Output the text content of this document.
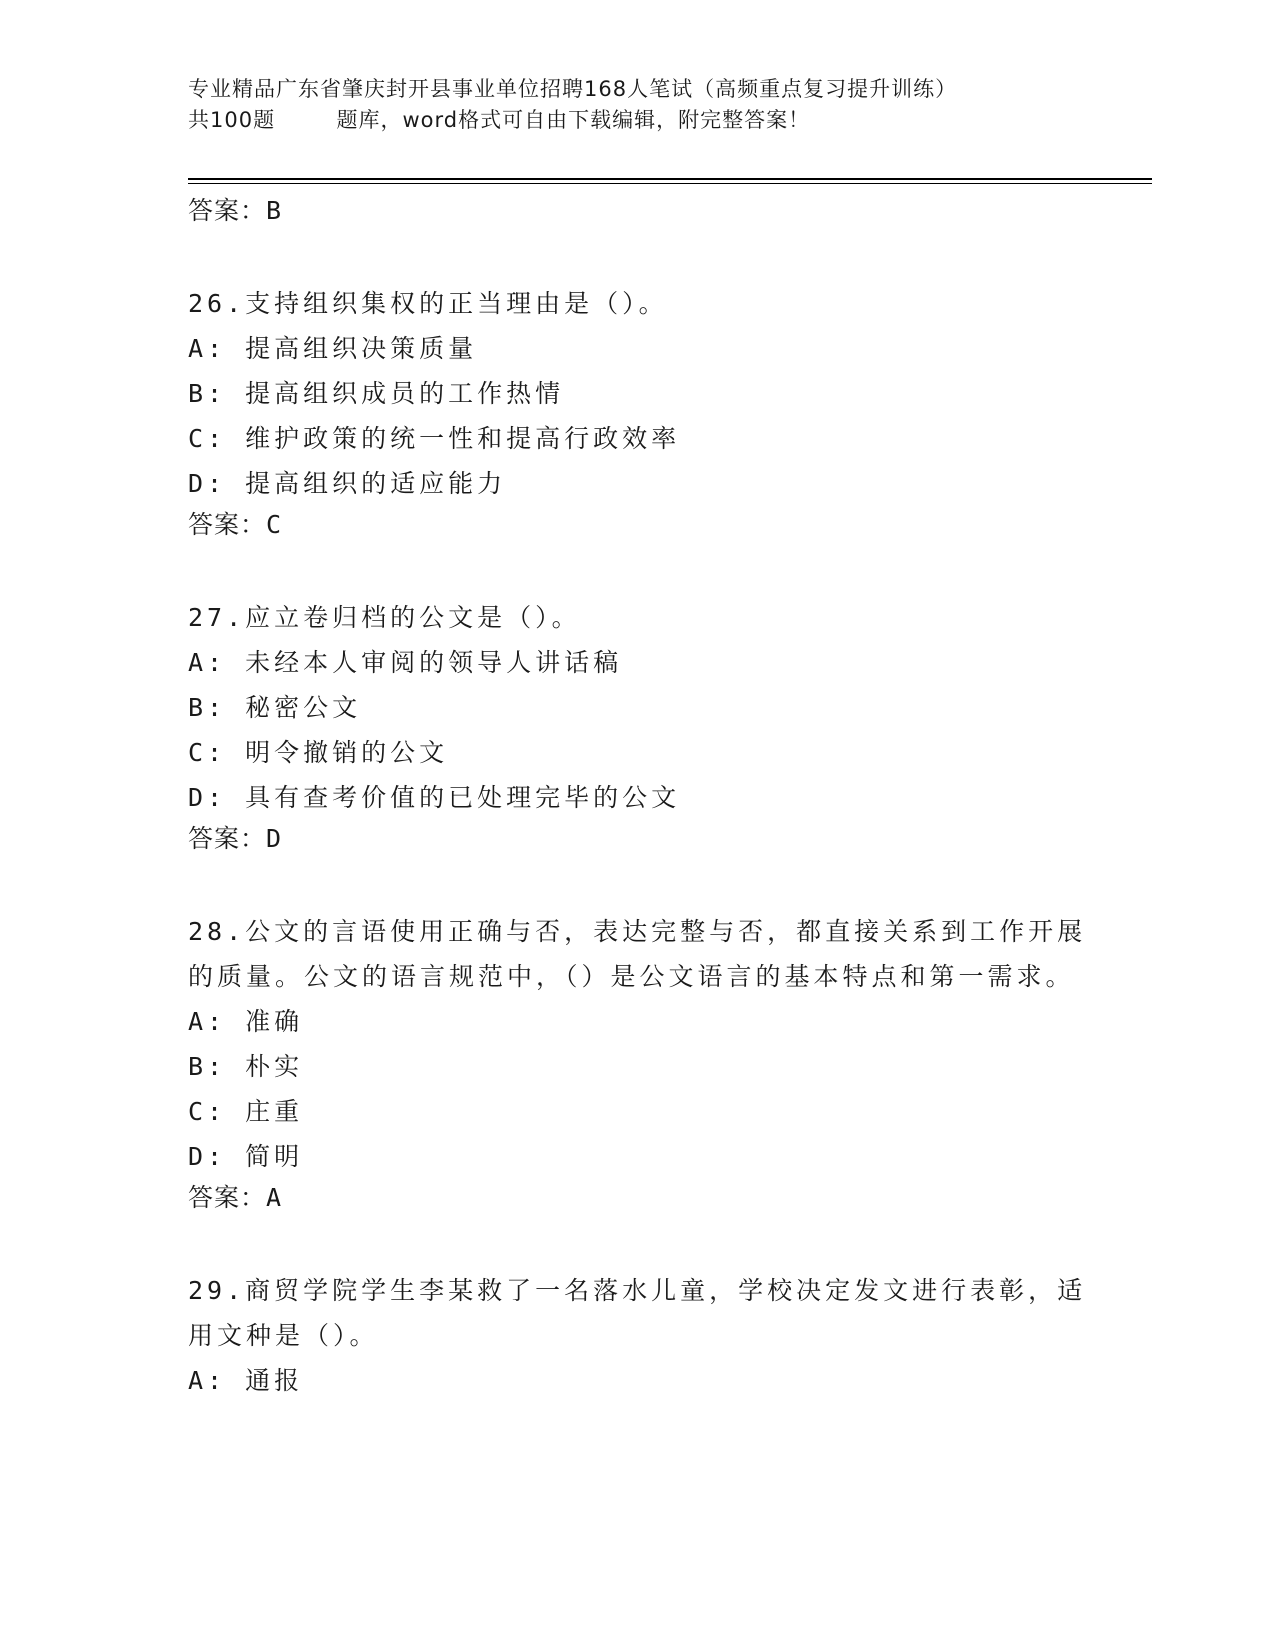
专业精品广东省肇庆封开县事业单位招聘168人笔试（高频重点复习提升训练）
共100题        题库，word格式可自由下载编辑，附完整答案！
答案：B
26.支持组织集权的正当理由是（）。
A: 提高组织决策质量
B: 提高组织成员的工作热情
C: 维护政策的统一性和提高行政效率
D: 提高组织的适应能力
答案：C
27.应立卷归档的公文是（）。
A: 未经本人审阅的领导人讲话稿
B: 秘密公文
C: 明令撤销的公文
D: 具有查考价值的已处理完毕的公文
答案：D
28.公文的言语使用正确与否，表达完整与否，都直接关系到工作开展的质量。公文的语言规范中，（）是公文语言的基本特点和第一需求。
A: 准确
B: 朴实
C: 庄重
D: 简明
答案：A
29.商贸学院学生李某救了一名落水儿童，学校决定发文进行表彰，适用文种是（）。
A: 通报
